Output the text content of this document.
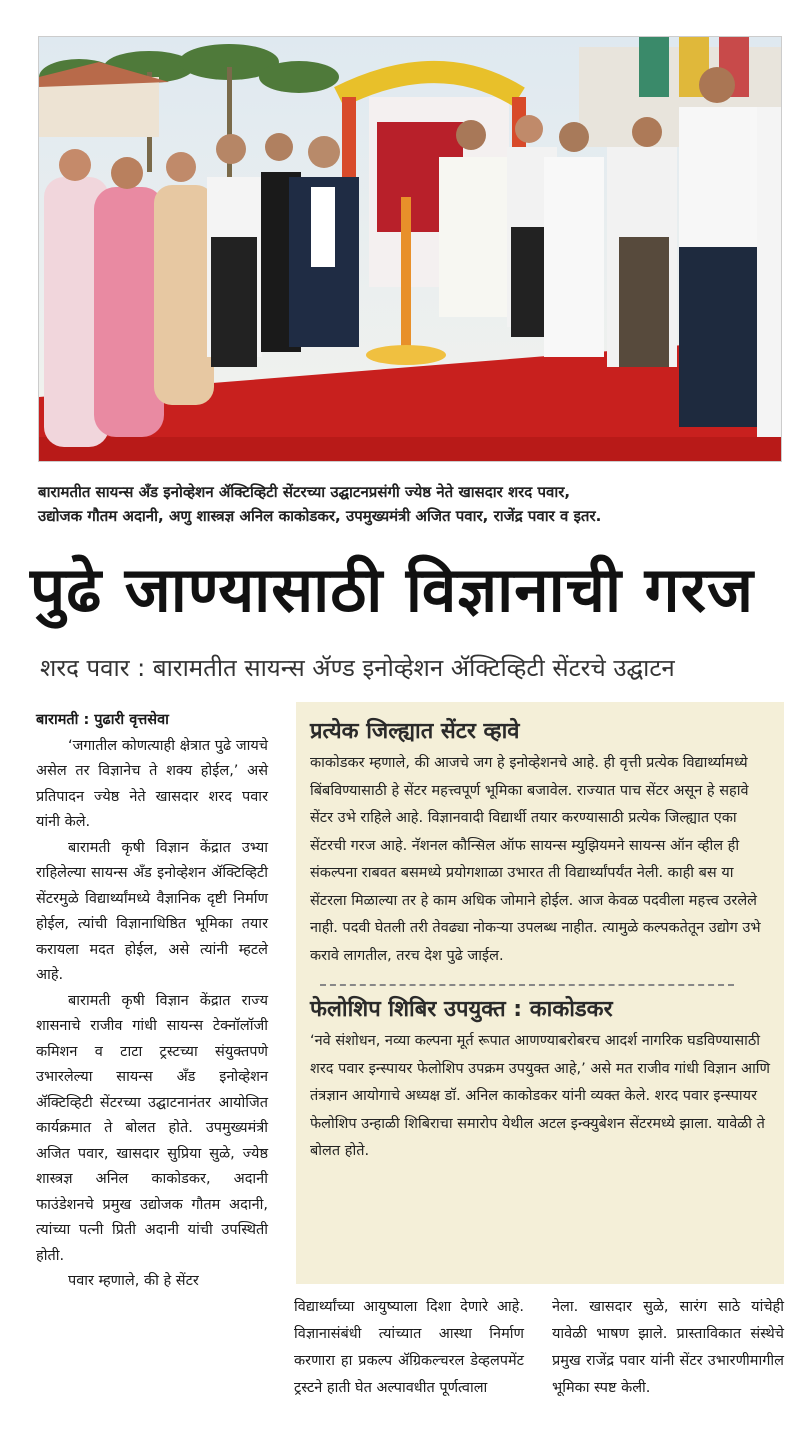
बारामतीत सायन्स अँड इनोव्हेशन ॲक्टिव्हिटी सेंटरच्या उद्घाटनप्रसंगी ज्येष्ठ नेते खासदार शरद पवार,

उद्योजक गौतम अदानी, अणु शास्त्रज्ञ अनिल काकोडकर, उपमुख्यमंत्री अजित पवार, राजेंद्र पवार व इतर.

पुढे जाण्यासाठी विज्ञानाची गरज
शरद पवार : बारामतीत सायन्स ॲण्ड इनोव्हेशन ॲक्टिव्हिटी सेंटरचे उद्घाटन
बारामती : पुढारी वृत्तसेवा

‘जगातील कोणत्याही क्षेत्रात पुढे जायचे असेल तर विज्ञानेच ते शक्य होईल,’ असे प्रतिपादन ज्येष्ठ नेते खासदार शरद पवार यांनी केले.

बारामती कृषी विज्ञान केंद्रात उभ्या राहिलेल्या सायन्स अँड इनोव्हेशन ॲक्टिव्हिटी सेंटरमुळे विद्यार्थ्यांमध्ये वैज्ञानिक दृष्टी निर्माण होईल, त्यांची विज्ञानाधिष्ठित भूमिका तयार करायला मदत होईल, असे त्यांनी म्हटले आहे.

बारामती कृषी विज्ञान केंद्रात राज्य शासनाचे राजीव गांधी सायन्स टेक्नॉलॉजी कमिशन व टाटा ट्रस्टच्या संयुक्तपणे उभारलेल्या सायन्स अँड इनोव्हेशन ॲक्टिव्हिटी सेंटरच्या उद्घाटनानंतर आयोजित कार्यक्रमात ते बोलत होते. उपमुख्यमंत्री अजित पवार, खासदार सुप्रिया सुळे, ज्येष्ठ शास्त्रज्ञ अनिल काकोडकर, अदानी फाउंडेशनचे प्रमुख उद्योजक गौतम अदानी, त्यांच्या पत्नी प्रिती अदानी यांची उपस्थिती होती.

पवार म्हणाले, की हे सेंटर

प्रत्येक जिल्ह्यात सेंटर व्हावे
काकोडकर म्हणाले, की आजचे जग हे इनोव्हेशनचे आहे. ही वृत्ती प्रत्येक विद्यार्थ्यामध्ये बिंबविण्यासाठी हे सेंटर महत्त्वपूर्ण भूमिका बजावेल. राज्यात पाच सेंटर असून हे सहावे सेंटर उभे राहिले आहे. विज्ञानवादी विद्यार्थी तयार करण्यासाठी प्रत्येक जिल्ह्यात एका सेंटरची गरज आहे. नॅशनल कौन्सिल ऑफ सायन्स म्युझियमने सायन्स ऑन व्हील ही संकल्पना राबवत बसमध्ये प्रयोगशाळा उभारत ती विद्यार्थ्यांपर्यंत नेली. काही बस या सेंटरला मिळाल्या तर हे काम अधिक जोमाने होईल. आज केवळ पदवीला महत्त्व उरलेले नाही. पदवी घेतली तरी तेवढ्या नोकऱ्या उपलब्ध नाहीत. त्यामुळे कल्पकतेतून उद्योग उभे करावे लागतील, तरच देश पुढे जाईल.
फेलोशिप शिबिर उपयुक्त : काकोडकर
‘नवे संशोधन, नव्या कल्पना मूर्त रूपात आणण्याबरोबरच आदर्श नागरिक घडविण्यासाठी शरद पवार इन्स्पायर फेलोशिप उपक्रम उपयुक्त आहे,’ असे मत राजीव गांधी विज्ञान आणि तंत्रज्ञान आयोगाचे अध्यक्ष डॉ. अनिल काकोडकर यांनी व्यक्त केले. शरद पवार इन्स्पायर फेलोशिप उन्हाळी शिबिराचा समारोप येथील अटल इन्क्युबेशन सेंटरमध्ये झाला. यावेळी ते बोलत होते.
विद्यार्थ्यांच्या आयुष्याला दिशा देणारे आहे. विज्ञानासंबंधी त्यांच्यात आस्था निर्माण करणारा हा प्रकल्प ॲग्रिकल्चरल डेव्हलपमेंट ट्रस्टने हाती घेत अल्पावधीत पूर्णत्वाला
नेला. खासदार सुळे, सारंग साठे यांचेही यावेळी भाषण झाले. प्रास्ताविकात संस्थेचे प्रमुख राजेंद्र पवार यांनी सेंटर उभारणीमागील भूमिका स्पष्ट केली.
